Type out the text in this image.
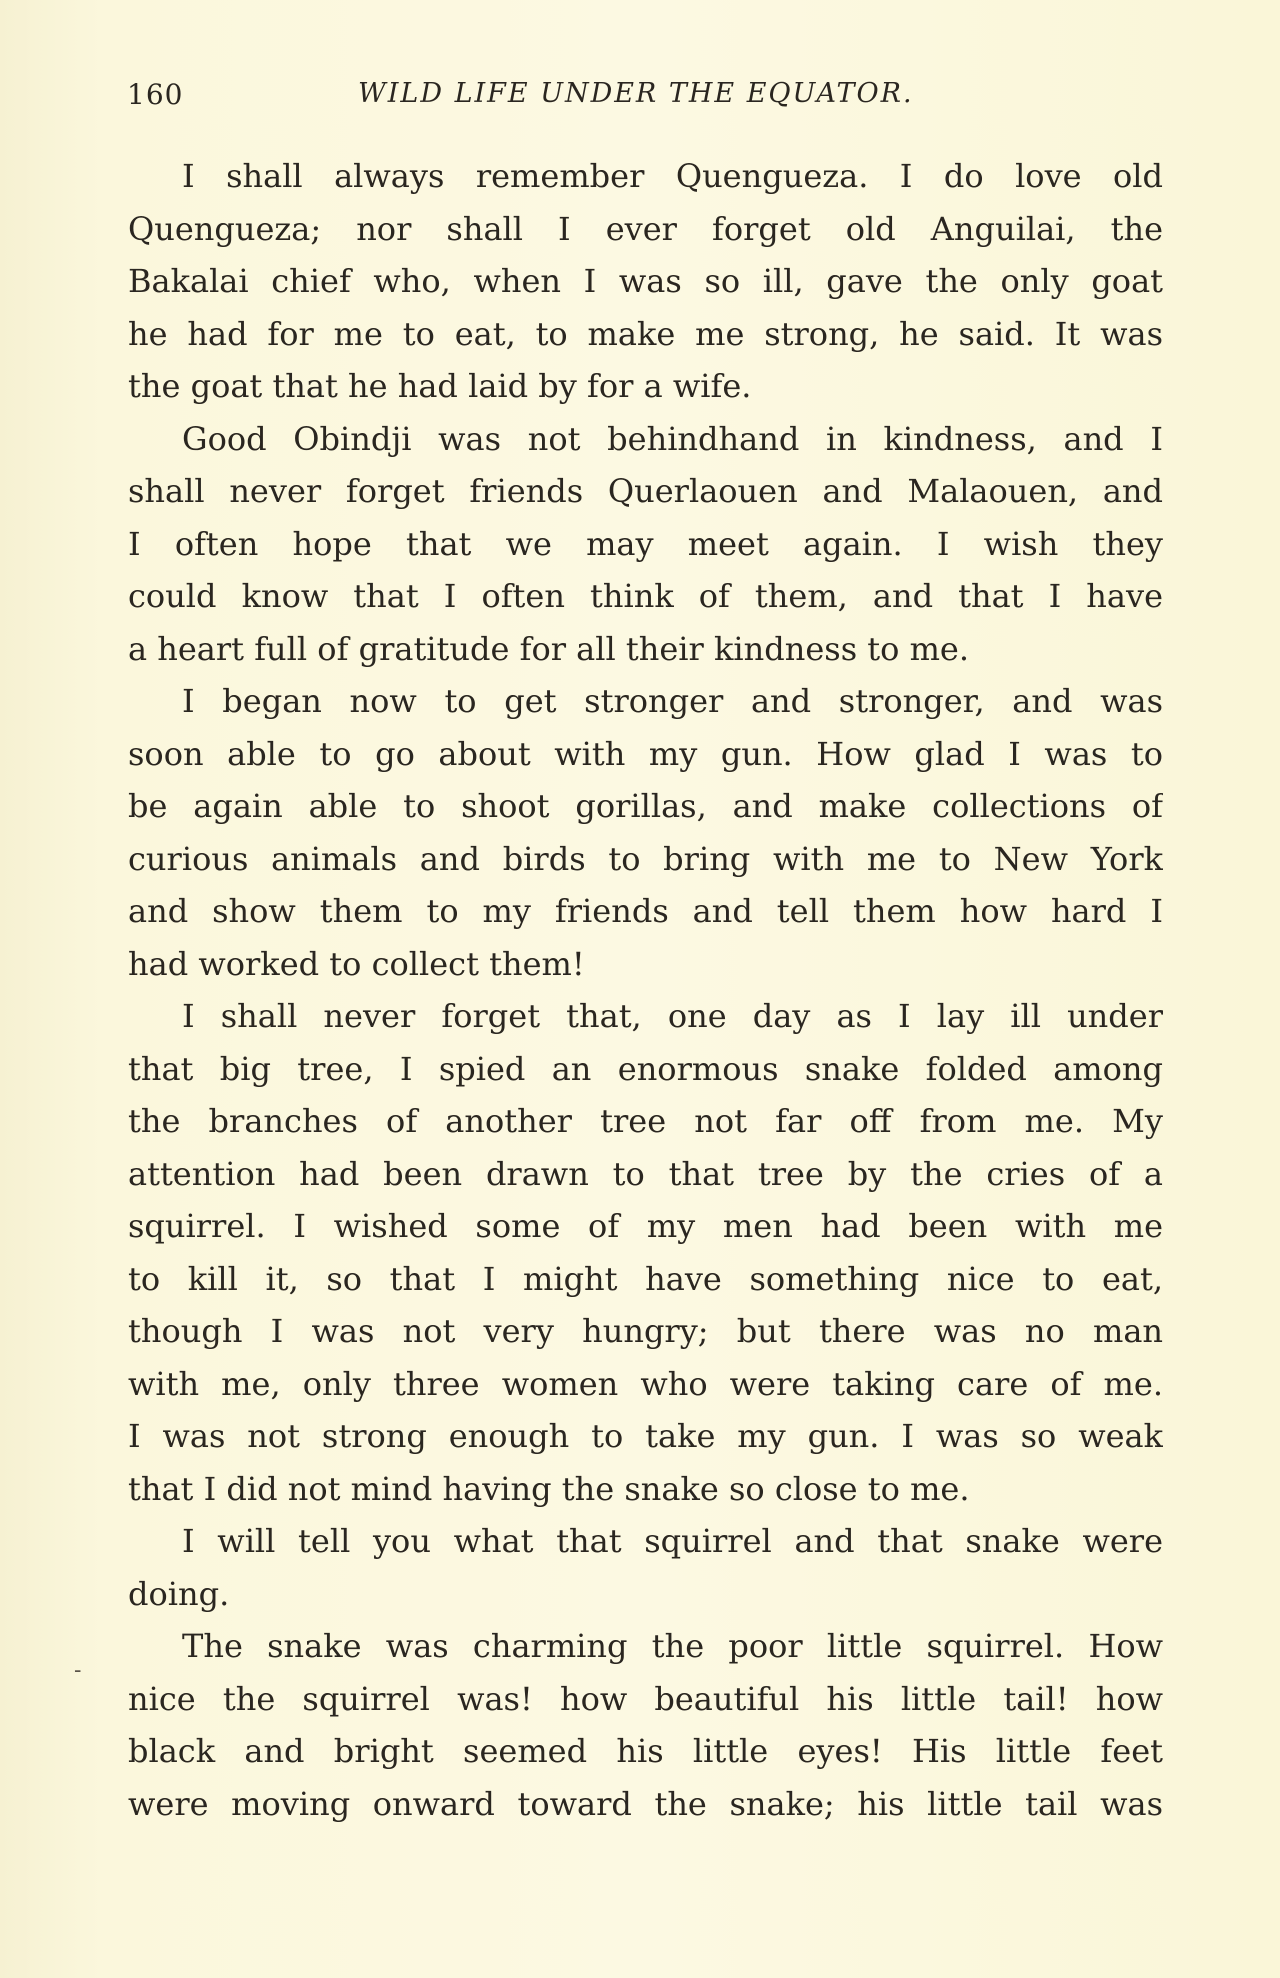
160	WILD LIFE UNDER THE EQUATOR.
I shall always remember Quengueza. I do love old
Quengueza; nor shall I ever forget old Anguilai, the
Bakalai chief who, when I was so ill, gave the only goat
he had for me to eat, to make me strong, he said. It was
the goat that he had laid by for a wife.
Good Obindji was not behindhand in kindness, and I
shall never forget friends Querlaouen and Malaouen, and
I often hope that we may meet again. I wish they
could know that I often think of them, and that I have
a heart full of gratitude for all their kindness to me.
I began now to get stronger and stronger, and was
soon able to go about with my gun. How glad I was to
be again able to shoot gorillas, and make collections of
curious animals and birds to bring with me to New York
and show them to my friends and tell them how hard I
had worked to collect them!
I shall never forget that, one day as I lay ill under
that big tree, I spied an enormous snake folded among
the branches of another tree not far off from me. My
attention had been drawn to that tree by the cries of a
squirrel. I wished some of my men had been with me
to kill it, so that I might have something nice to eat,
though I was not very hungry; but there was no man
with me, only three women who were taking care of me.
I was not strong enough to take my gun. I was so weak
that I did not mind having the snake so close to me.
I will tell you what that squirrel and that snake were
doing.
The snake was charming the poor little squirrel. How
nice the squirrel was! how beautiful his little tail! how
black and bright seemed his little eyes! His little feet
were moving onward toward the snake; his little tail was
-
